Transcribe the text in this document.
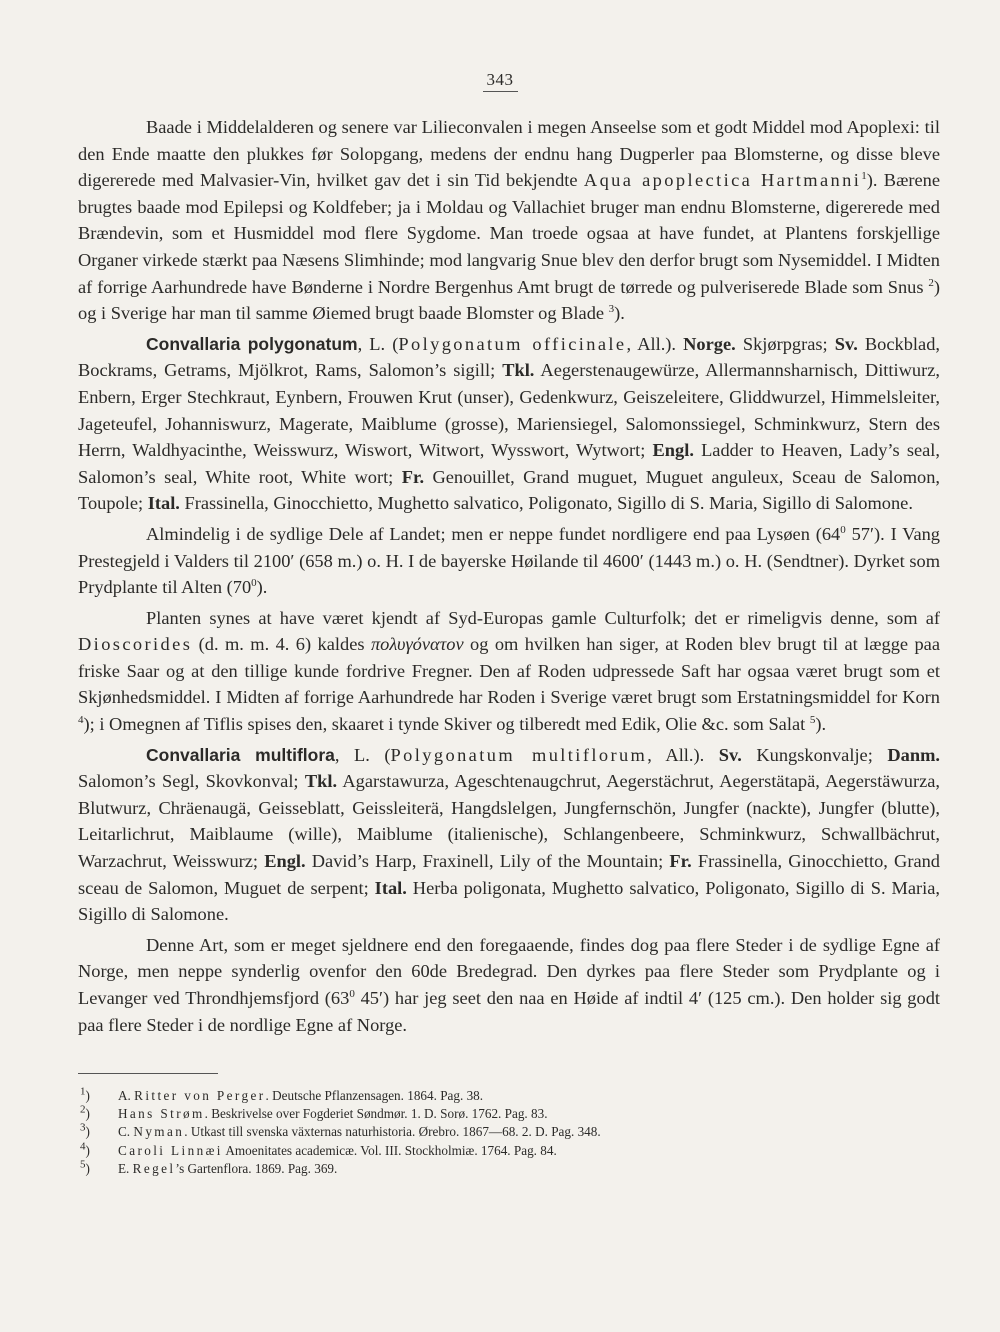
343

Baade i Middelalderen og senere var Lilieconvalen i megen Anseelse som et godt Middel mod Apoplexi: til den Ende maatte den plukkes før Solopgang, medens der endnu hang Dugperler paa Blomsterne, og disse bleve digererede med Malvasier-Vin, hvilket gav det i sin Tid bekjendte Aqua apoplectica Hartmanni$^1$). Bærene brugtes baade mod Epilepsi og Koldfeber; ja i Moldau og Vallachiet bruger man endnu Blomsterne, digererede med Brændevin, som et Husmiddel mod flere Sygdome. Man troede ogsaa at have fundet, at Plantens forskjellige Organer virkede stærkt paa Næsens Slimhinde; mod langvarig Snue blev den derfor brugt som Nysemiddel. I Midten af forrige Aarhundrede have Bønderne i Nordre Bergenhus Amt brugt de tørrede og pulveriserede Blade som Snus $^2$) og i Sverige har man til samme Øiemed brugt baade Blomster og Blade $^3$).

Convallaria polygonatum, L. (Polygonatum officinale, All.). Norge. Skjørpgras; Sv. Bockblad, Bockrams, Getrams, Mjölkrot, Rams, Salomon’s sigill; Tkl. Aegerstenaugewürze, Allermannsharnisch, Dittiwurz, Enbern, Erger Stechkraut, Eynbern, Frouwen Krut (unser), Gedenkwurz, Geiszeleitere, Gliddwurzel, Himmelsleiter, Jageteufel, Johanniswurz, Magerate, Maiblume (grosse), Mariensiegel, Salomonssiegel, Schminkwurz, Stern des Herrn, Waldhyacinthe, Weisswurz, Wiswort, Witwort, Wysswort, Wytwort; Engl. Ladder to Heaven, Lady’s seal, Salomon’s seal, White root, White wort; Fr. Genouillet, Grand muguet, Muguet anguleux, Sceau de Salomon, Toupole; Ital. Frassinella, Ginocchietto, Mughetto salvatico, Poligonato, Sigillo di S. Maria, Sigillo di Salomone.

Almindelig i de sydlige Dele af Landet; men er neppe fundet nordligere end paa Lysøen ($64^0$ 57′). I Vang Prestegjeld i Valders til 2100′ (658 m.) o. H. I de bayerske Høilande til 4600′ (1443 m.) o. H. (Sendtner). Dyrket som Prydplante til Alten $(70^0)$.

Planten synes at have været kjendt af Syd-Europas gamle Culturfolk; det er rimeligvis denne, som af Dioscorides (d. m. m. 4. 6) kaldes πολυγόνατον og om hvilken han siger, at Roden blev brugt til at lægge paa friske Saar og at den tillige kunde fordrive Fregner. Den af Roden udpressede Saft har ogsaa været brugt som et Skjønhedsmiddel. I Midten af forrige Aarhundrede har Roden i Sverige været brugt som Erstatningsmiddel for Korn $^4$); i Omegnen af Tiflis spises den, skaaret i tynde Skiver og tilberedt med Edik, Olie &c. som Salat $^5$).

Convallaria multiflora, L. (Polygonatum multiflorum, All.). Sv. Kungskonvalje; Danm. Salomon’s Segl, Skovkonval; Tkl. Agarstawurza, Ageschtenaugchrut, Aegerstächrut, Aegerstätapä, Aegerstäwurza, Blutwurz, Chräenaugä, Geisseblatt, Geissleiterä, Hangdslelgen, Jungfernschön, Jungfer (nackte), Jungfer (blutte), Leitarlichrut, Maiblaume (wille), Maiblume (italienische), Schlangenbeere, Schminkwurz, Schwallbächrut, Warzachrut, Weisswurz; Engl. David’s Harp, Fraxinell, Lily of the Mountain; Fr. Frassinella, Ginocchietto, Grand sceau de Salomon, Muguet de serpent; Ital. Herba poligonata, Mughetto salvatico, Poligonato, Sigillo di S. Maria, Sigillo di Salomone.

Denne Art, som er meget sjeldnere end den foregaaende, findes dog paa flere Steder i de sydlige Egne af Norge, men neppe synderlig ovenfor den 60de Bredegrad. Den dyrkes paa flere Steder som Prydplante og i Levanger ved Throndhjemsfjord ($63^0$ 45′) har jeg seet den naa en Høide af indtil 4′ (125 cm.). Den holder sig godt paa flere Steder i de nordlige Egne af Norge.

$^1$)	A. Ritter von Perger. Deutsche Pflanzensagen. 1864. Pag. 38.
$^2$)	Hans Strøm. Beskrivelse over Fogderiet Søndmør. 1. D. Sorø. 1762. Pag. 83.
$^3$)	C. Nyman. Utkast till svenska växternas naturhistoria. Ørebro. 1867—68. 2. D. Pag. 348.
$^4$)	Caroli Linnæi Amoenitates academicæ. Vol. III. Stockholmiæ. 1764. Pag. 84.
$^5$)	E. Regel’s Gartenflora. 1869. Pag. 369.
